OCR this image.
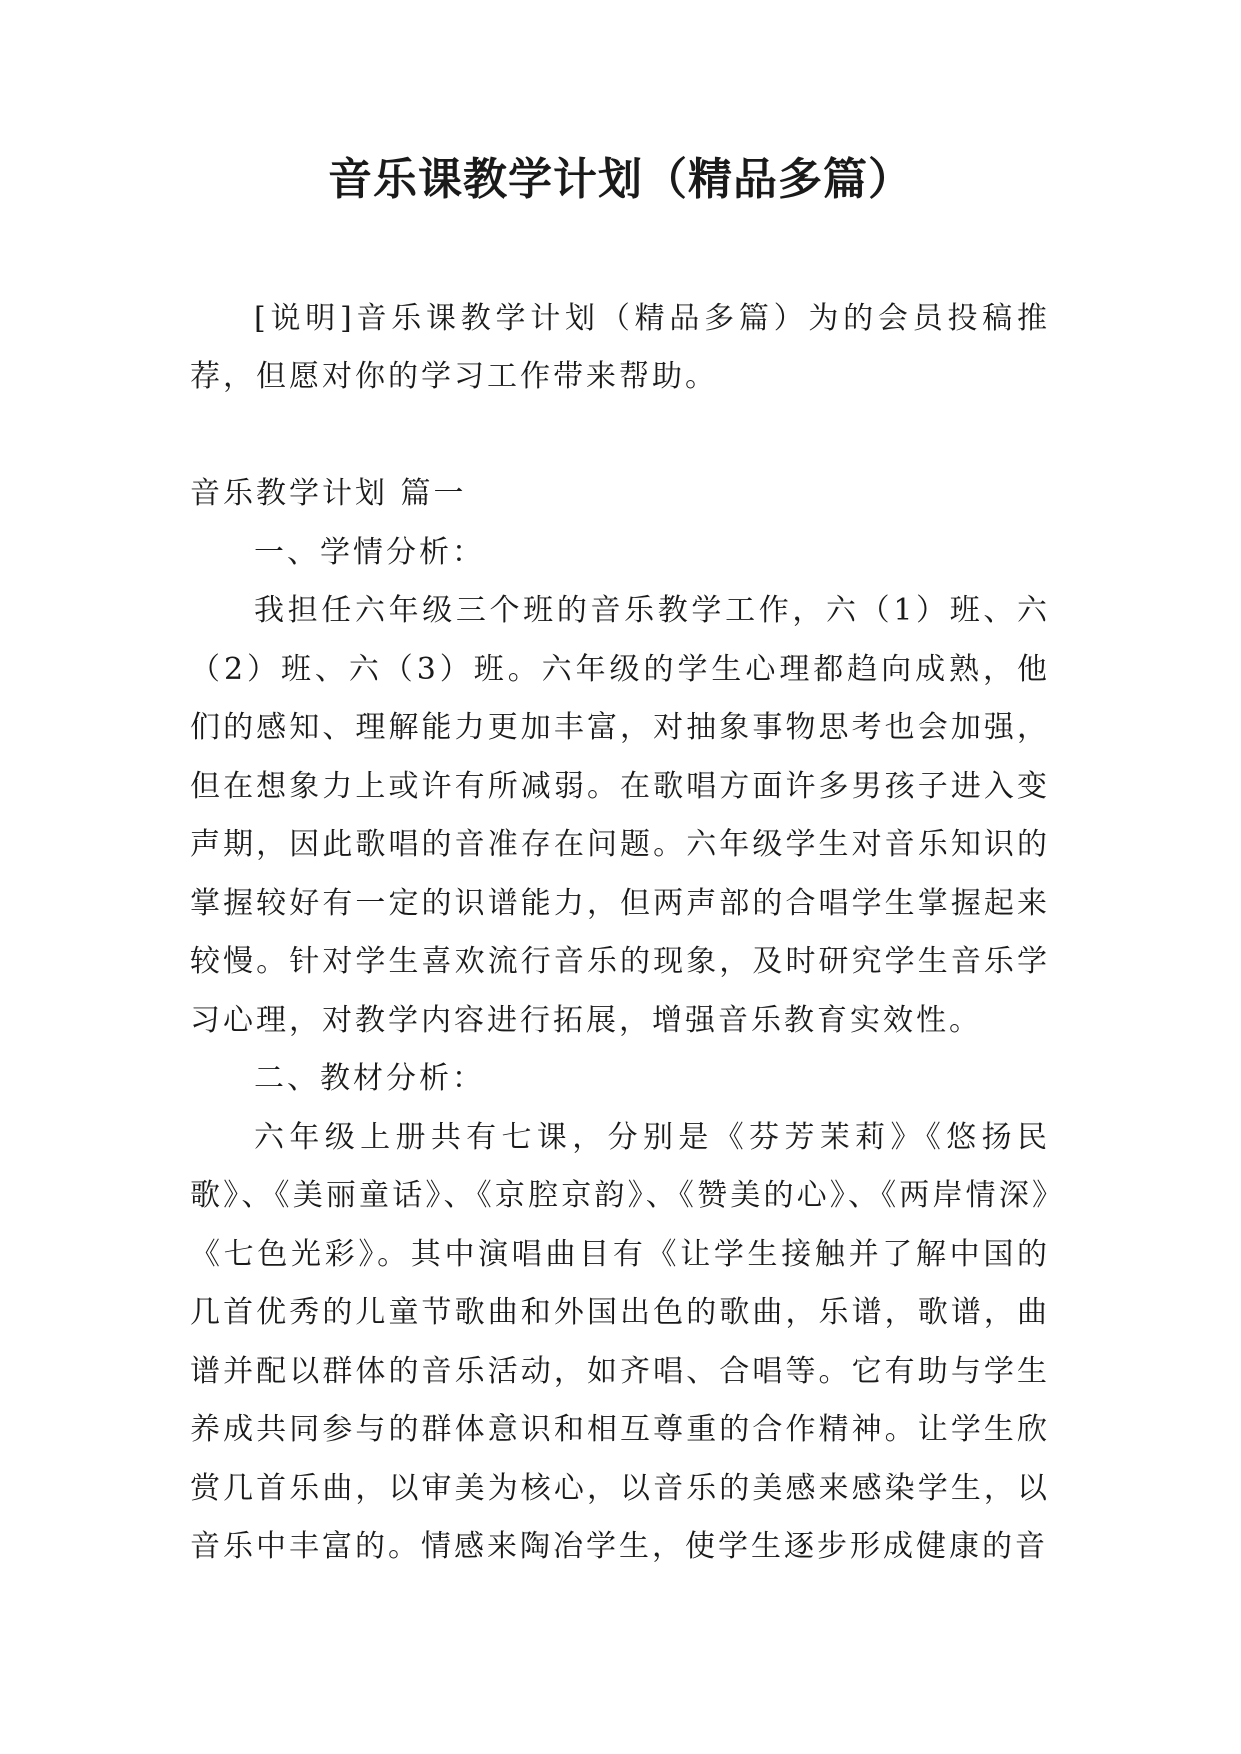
音乐课教学计划（精品多篇）

[说明]音乐课教学计划（精品多篇）为的会员投稿推荐，但愿对你的学习工作带来帮助。

音乐教学计划 篇一

一、学情分析：

我担任六年级三个班的音乐教学工作，六（1）班、六（2）班、六（3）班。六年级的学生心理都趋向成熟，他们的感知、理解能力更加丰富，对抽象事物思考也会加强，但在想象力上或许有所减弱。在歌唱方面许多男孩子进入变声期，因此歌唱的音准存在问题。六年级学生对音乐知识的掌握较好有一定的识谱能力，但两声部的合唱学生掌握起来较慢。针对学生喜欢流行音乐的现象，及时研究学生音乐学习心理，对教学内容进行拓展，增强音乐教育实效性。

二、教材分析：

六年级上册共有七课，分别是《芬芳茉莉》《悠扬民歌》、《美丽童话》、《京腔京韵》、《赞美的心》、《两岸情深》《七色光彩》。其中演唱曲目有《让学生接触并了解中国的几首优秀的儿童节歌曲和外国出色的歌曲，乐谱，歌谱，曲谱并配以群体的音乐活动，如齐唱、合唱等。它有助与学生养成共同参与的群体意识和相互尊重的合作精神。让学生欣赏几首乐曲，以审美为核心，以音乐的美感来感染学生，以音乐中丰富的。情感来陶冶学生，使学生逐步形成健康的音
